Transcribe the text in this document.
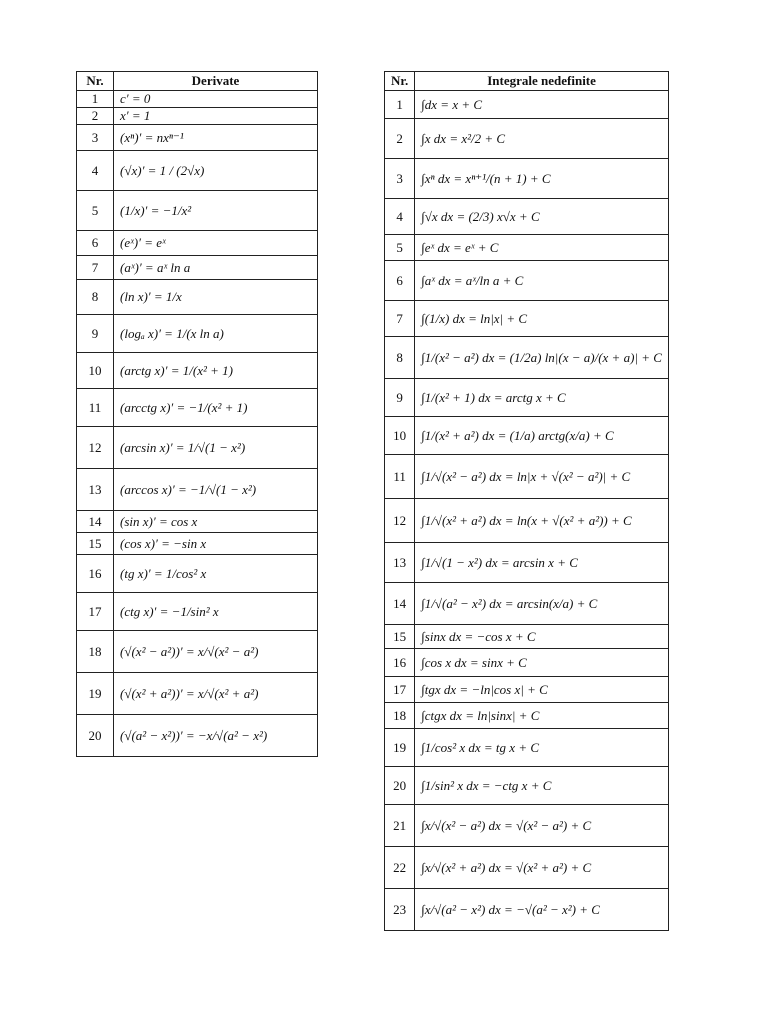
Nr.	Derivate
1	c′ = 0
2	x′ = 1
3	(xⁿ)′ = nxⁿ⁻¹
4	(√x)′ = 1 / (2√x)
5	(1/x)′ = −1/x²
6	(eˣ)′ = eˣ
7	(aˣ)′ = aˣ ln a
8	(ln x)′ = 1/x
9	(logₐ x)′ = 1/(x ln a)
10	(arctg x)′ = 1/(x² + 1)
11	(arcctg x)′ = −1/(x² + 1)
12	(arcsin x)′ = 1/√(1 − x²)
13	(arccos x)′ = −1/√(1 − x²)
14	(sin x)′ = cos x
15	(cos x)′ = −sin x
16	(tg x)′ = 1/cos² x
17	(ctg x)′ = −1/sin² x
18	(√(x² − a²))′ = x/√(x² − a²)
19	(√(x² + a²))′ = x/√(x² + a²)
20	(√(a² − x²))′ = −x/√(a² − x²)
Nr.	Integrale nedefinite
1	∫dx = x + C
2	∫x dx = x²/2 + C
3	∫xⁿ dx = xⁿ⁺¹/(n + 1) + C
4	∫√x dx = (2/3) x√x + C
5	∫eˣ dx = eˣ + C
6	∫aˣ dx = aˣ/ln a + C
7	∫(1/x) dx = ln|x| + C
8	∫1/(x² − a²) dx = (1/2a) ln|(x − a)/(x + a)| + C
9	∫1/(x² + 1) dx = arctg x + C
10	∫1/(x² + a²) dx = (1/a) arctg(x/a) + C
11	∫1/√(x² − a²) dx = ln|x + √(x² − a²)| + C
12	∫1/√(x² + a²) dx = ln(x + √(x² + a²)) + C
13	∫1/√(1 − x²) dx = arcsin x + C
14	∫1/√(a² − x²) dx = arcsin(x/a) + C
15	∫sinx dx = −cos x + C
16	∫cos x dx = sinx + C
17	∫tgx dx = −ln|cos x| + C
18	∫ctgx dx = ln|sinx| + C
19	∫1/cos² x dx = tg x + C
20	∫1/sin² x dx = −ctg x + C
21	∫x/√(x² − a²) dx = √(x² − a²) + C
22	∫x/√(x² + a²) dx = √(x² + a²) + C
23	∫x/√(a² − x²) dx = −√(a² − x²) + C
